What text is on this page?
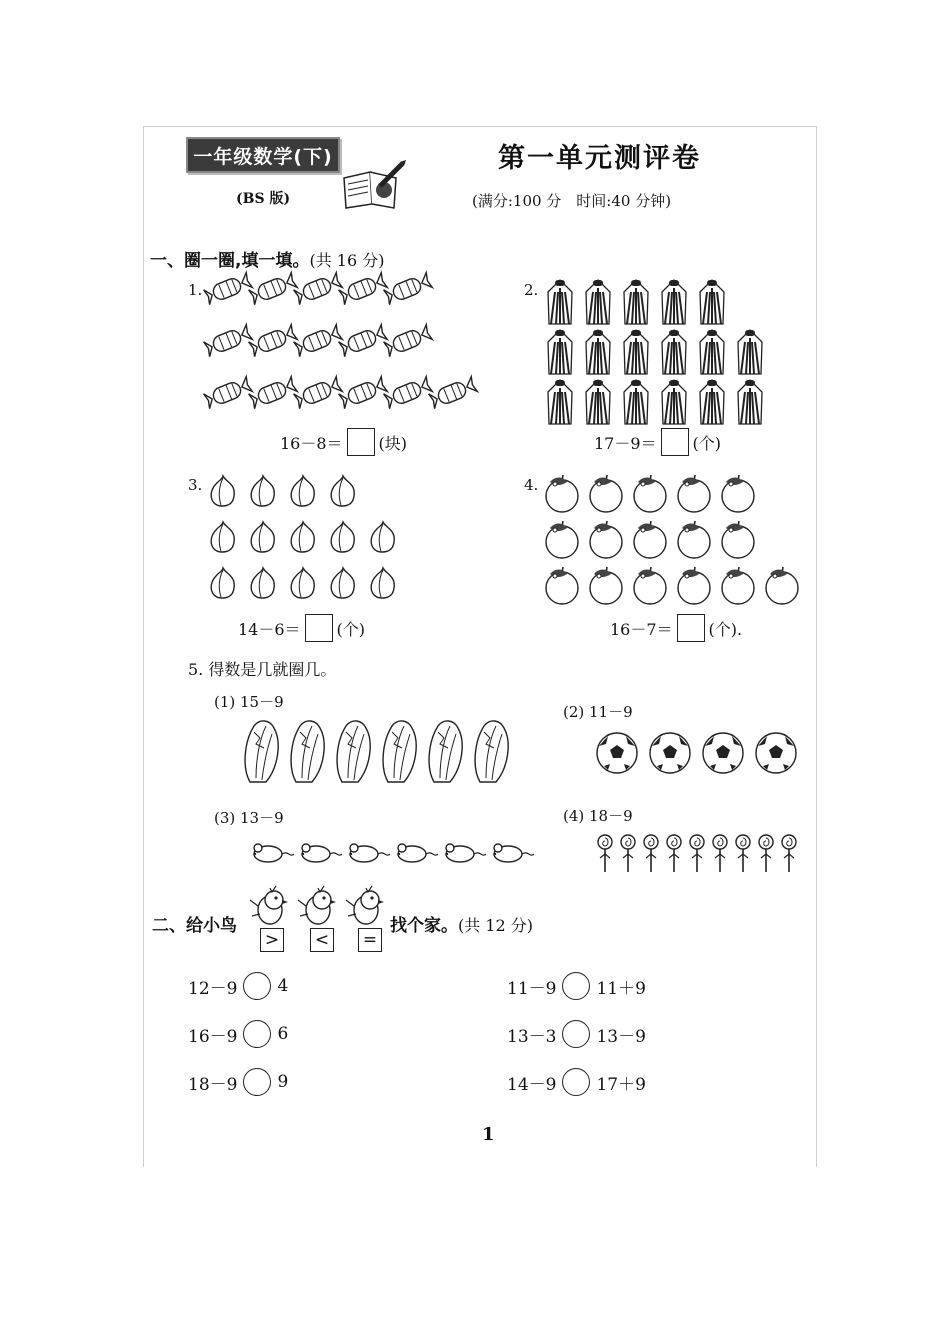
一年级数学(下)
(BS 版)
第一单元测评卷
(满分:100 分　时间:40 分钟)
一、圈一圈,填一填。(共 16 分)
1.
16－8＝ (块)
2.
17－9＝ (个)
3.
14－6＝ (个)
4.
16－7＝ (个).
5. 得数是几就圈几。
(1) 15－9
(2) 11－9
(3) 13－9	(4) 18－9
二、给小鸟
> < =
找个家。(共 12 分)
12－9 4	11－9 11＋9
16－9 6	13－3 13－9
18－9 9	14－9 17＋9
1
